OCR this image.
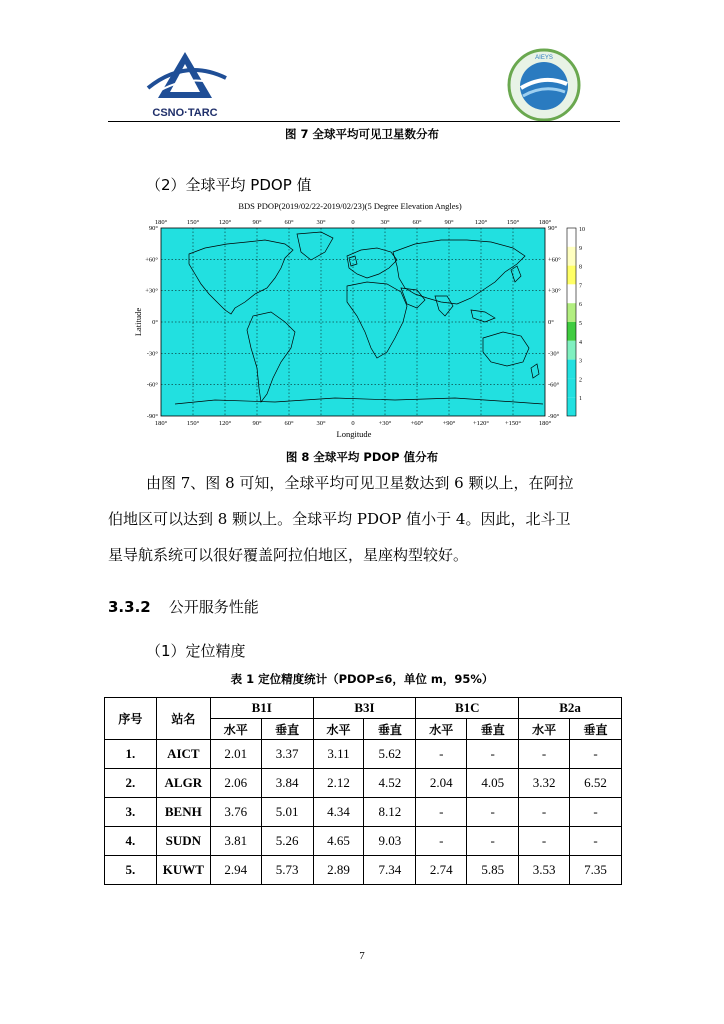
CSNO·TARC
AIEYS
图 7 全球平均可见卫星数分布
（2）全球平均 PDOP 值
BDS PDOP(2019/02/22-2019/02/23)(5 Degree Elevation Angles)
180°
180°
150°
150°
120°
120°
90°
90°
60°
60°
30°
30°
0
0
30°
+30°
60°
+60°
90°
+90°
120°
+120°
150°
+150°
180°
180°
90°	90°
+60°	+60°
+30°	+30°
0°	0°
-30°	-30°
-60°	-60°
-90°	-90°
Longitude
Latitude
10
9
8
7
6
5
4
3
2
1
图 8 全球平均 PDOP 值分布
由图 7、图 8 可知，全球平均可见卫星数达到 6 颗以上，在阿拉
伯地区可以达到 8 颗以上。全球平均 PDOP 值小于 4。因此，北斗卫
星导航系统可以很好覆盖阿拉伯地区，星座构型较好。
3.3.2 公开服务性能
（1）定位精度
表 1 定位精度统计（PDOP≤6，单位 m，95%）
序号	站名	B1I		B3I		B1C		B2a	
		水平	垂直	水平	垂直	水平	垂直	水平	垂直
1.	AICT	2.01	3.37	3.11	5.62	-	-	-	-
2.	ALGR	2.06	3.84	2.12	4.52	2.04	4.05	3.32	6.52
3.	BENH	3.76	5.01	4.34	8.12	-	-	-	-
4.	SUDN	3.81	5.26	4.65	9.03	-	-	-	-
5.	KUWT	2.94	5.73	2.89	7.34	2.74	5.85	3.53	7.35
7
